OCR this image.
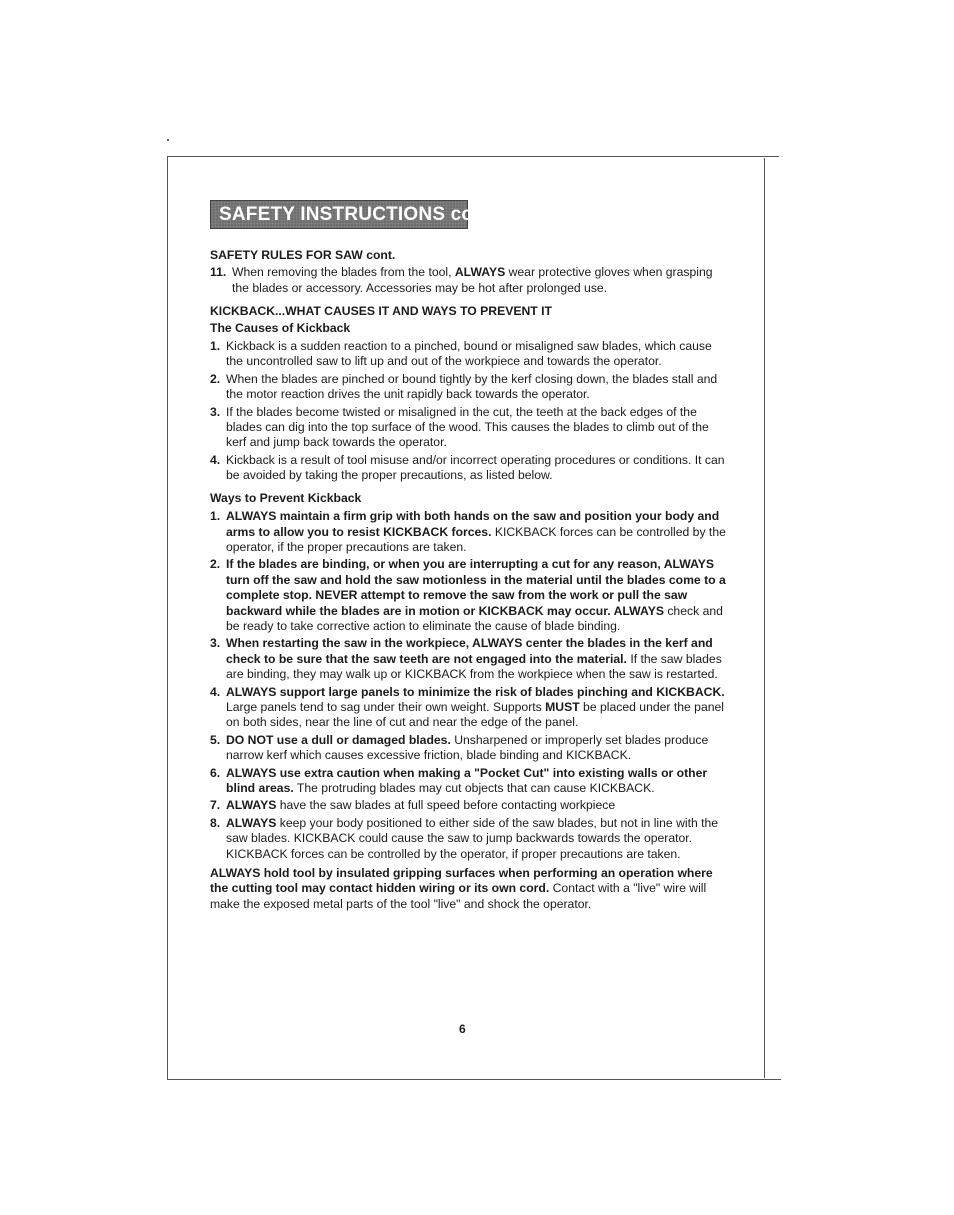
SAFETY INSTRUCTIONS cont.

SAFETY RULES FOR SAW cont.

11. When removing the blades from the tool, ALWAYS wear protective gloves when grasping the blades or accessory. Accessories may be hot after prolonged use.

KICKBACK...WHAT CAUSES IT AND WAYS TO PREVENT IT

The Causes of Kickback

1. Kickback is a sudden reaction to a pinched, bound or misaligned saw blades, which cause the uncontrolled saw to lift up and out of the workpiece and towards the operator.
2. When the blades are pinched or bound tightly by the kerf closing down, the blades stall and the motor reaction drives the unit rapidly back towards the operator.
3. If the blades become twisted or misaligned in the cut, the teeth at the back edges of the blades can dig into the top surface of the wood. This causes the blades to climb out of the kerf and jump back towards the operator.
4. Kickback is a result of tool misuse and/or incorrect operating procedures or conditions. It can be avoided by taking the proper precautions, as listed below.

Ways to Prevent Kickback

1. ALWAYS maintain a firm grip with both hands on the saw and position your body and arms to allow you to resist KICKBACK forces. KICKBACK forces can be controlled by the operator, if the proper precautions are taken.
2. If the blades are binding, or when you are interrupting a cut for any reason, ALWAYS turn off the saw and hold the saw motionless in the material until the blades come to a complete stop. NEVER attempt to remove the saw from the work or pull the saw backward while the blades are in motion or KICKBACK may occur. ALWAYS check and be ready to take corrective action to eliminate the cause of blade binding.
3. When restarting the saw in the workpiece, ALWAYS center the blades in the kerf and check to be sure that the saw teeth are not engaged into the material. If the saw blades are binding, they may walk up or KICKBACK from the workpiece when the saw is restarted.
4. ALWAYS support large panels to minimize the risk of blades pinching and KICKBACK. Large panels tend to sag under their own weight. Supports MUST be placed under the panel on both sides, near the line of cut and near the edge of the panel.
5. DO NOT use a dull or damaged blades. Unsharpened or improperly set blades produce narrow kerf which causes excessive friction, blade binding and KICKBACK.
6. ALWAYS use extra caution when making a "Pocket Cut" into existing walls or other blind areas. The protruding blades may cut objects that can cause KICKBACK.
7. ALWAYS have the saw blades at full speed before contacting workpiece
8. ALWAYS keep your body positioned to either side of the saw blades, but not in line with the saw blades. KICKBACK could cause the saw to jump backwards towards the operator. KICKBACK forces can be controlled by the operator, if proper precautions are taken.

ALWAYS hold tool by insulated gripping surfaces when performing an operation where the cutting tool may contact hidden wiring or its own cord. Contact with a "live" wire will make the exposed metal parts of the tool "live" and shock the operator.

6
